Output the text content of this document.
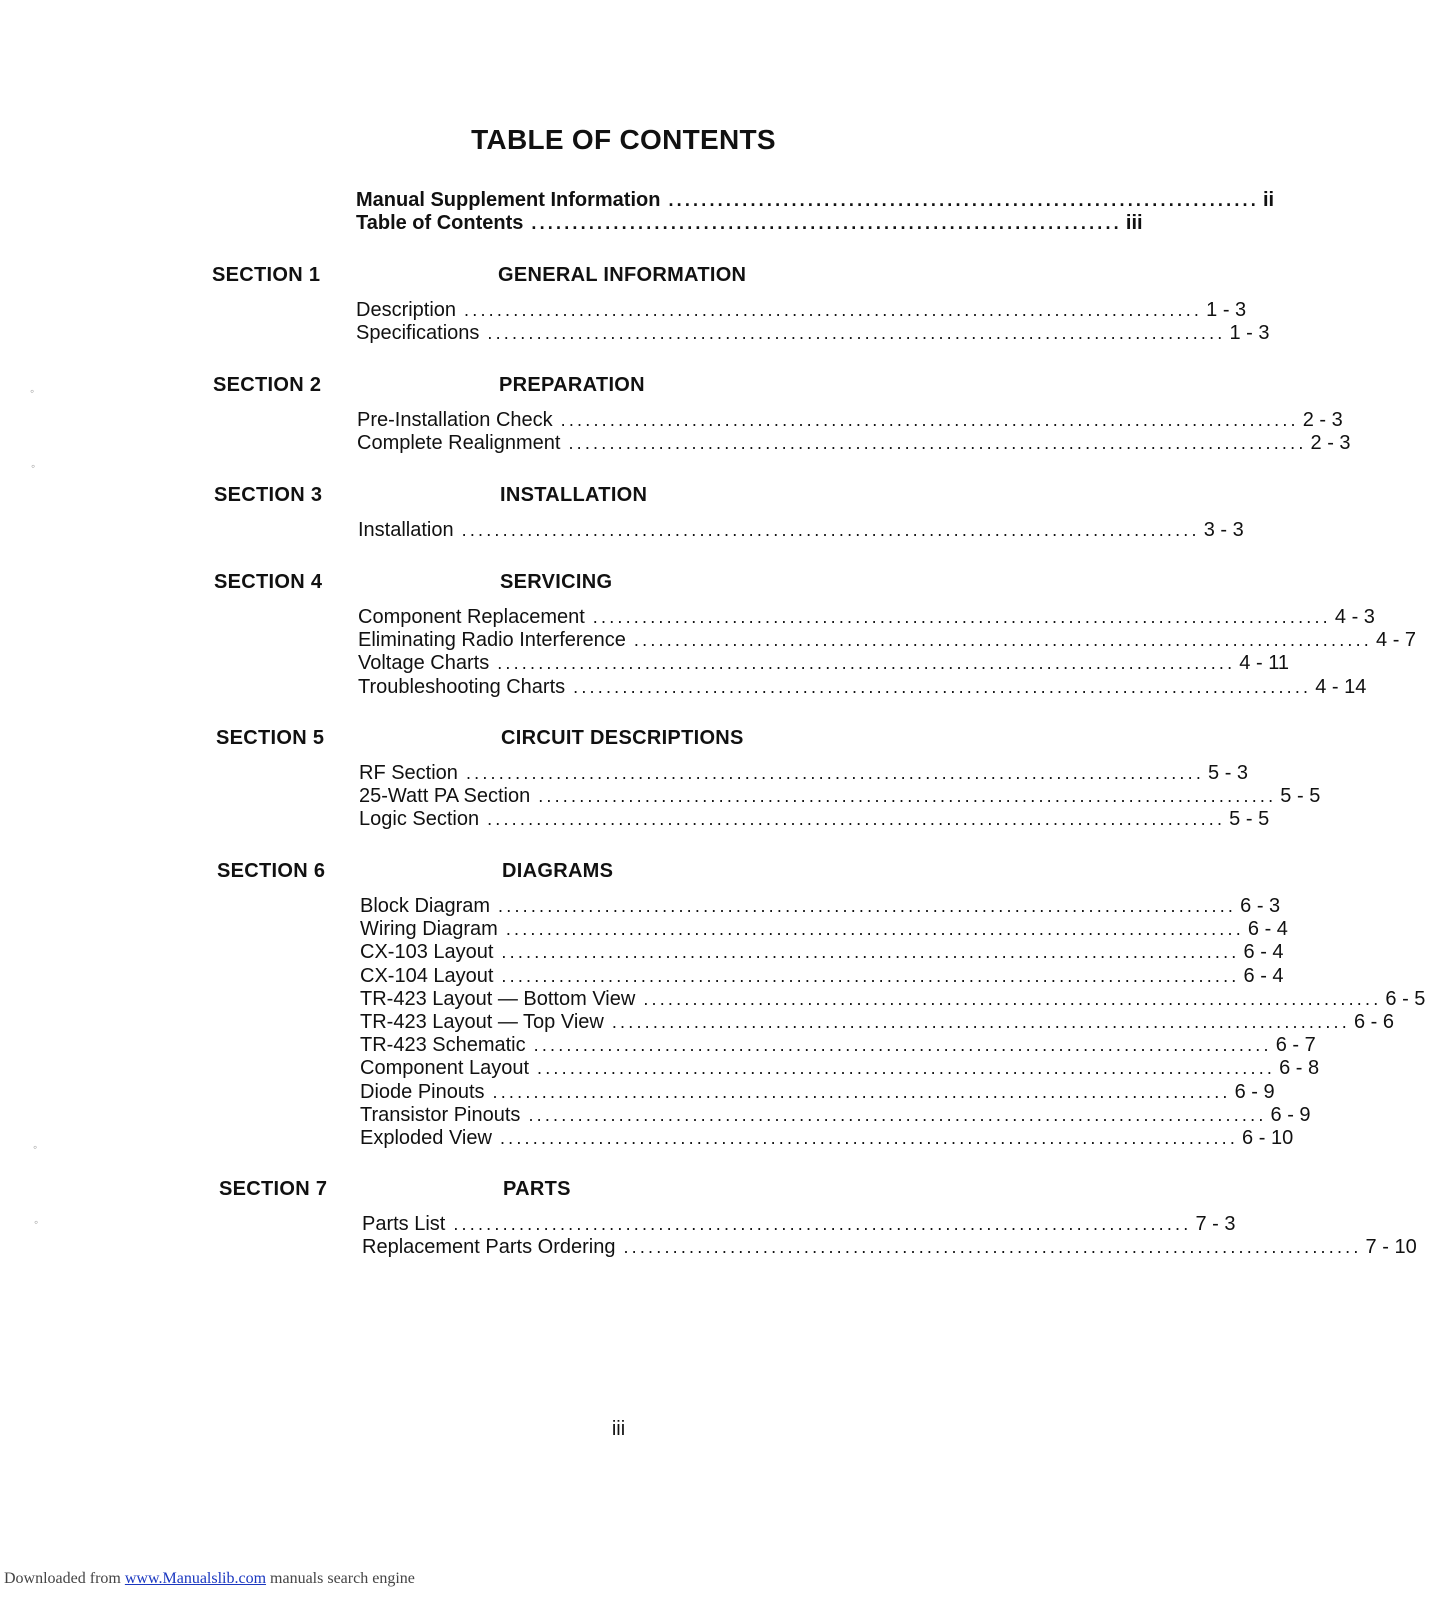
TABLE OF CONTENTS
Manual Supplement Information ........................................................................ ii
Table of Contents ........................................................................ iii
SECTION 1	GENERAL INFORMATION
Description .......................................................................................... 1 - 3
Specifications .......................................................................................... 1 - 3
SECTION 2	PREPARATION
Pre-Installation Check .......................................................................................... 2 - 3
Complete Realignment .......................................................................................... 2 - 3
SECTION 3	INSTALLATION
Installation .......................................................................................... 3 - 3
SECTION 4	SERVICING
Component Replacement .......................................................................................... 4 - 3
Eliminating Radio Interference .......................................................................................... 4 - 7
Voltage Charts .......................................................................................... 4 - 11
Troubleshooting Charts .......................................................................................... 4 - 14
SECTION 5	CIRCUIT DESCRIPTIONS
RF Section .......................................................................................... 5 - 3
25-Watt PA Section .......................................................................................... 5 - 5
Logic Section .......................................................................................... 5 - 5
SECTION 6	DIAGRAMS
Block Diagram .......................................................................................... 6 - 3
Wiring Diagram .......................................................................................... 6 - 4
CX-103 Layout .......................................................................................... 6 - 4
CX-104 Layout .......................................................................................... 6 - 4
TR-423 Layout — Bottom View .......................................................................................... 6 - 5
TR-423 Layout — Top View .......................................................................................... 6 - 6
TR-423 Schematic .......................................................................................... 6 - 7
Component Layout .......................................................................................... 6 - 8
Diode Pinouts .......................................................................................... 6 - 9
Transistor Pinouts .......................................................................................... 6 - 9
Exploded View .......................................................................................... 6 - 10
SECTION 7	PARTS
Parts List .......................................................................................... 7 - 3
Replacement Parts Ordering .......................................................................................... 7 - 10
iii
Downloaded from www.Manualslib.com manuals search engine
◦
◦
◦
◦
